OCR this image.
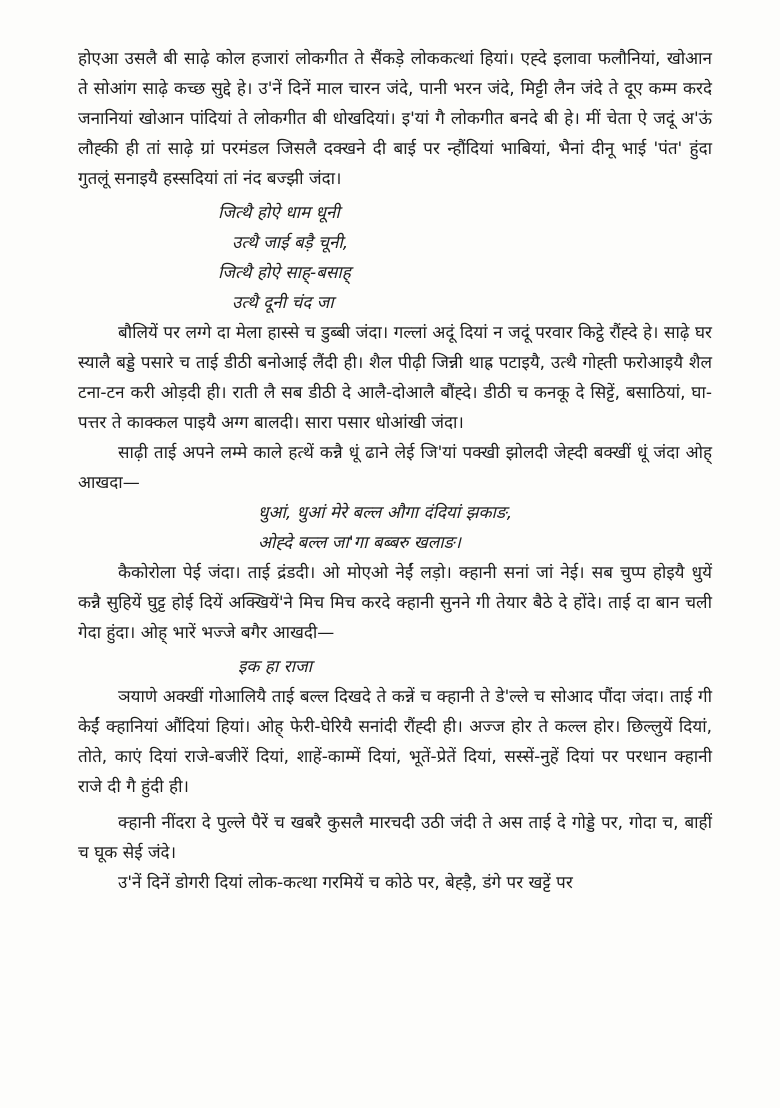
होएआ उसलै बी साढ़े कोल हजारां लोकगीत ते सैंकड़े लोककत्थां हियां। एह्दे इलावा फलौनियां, खोआन ते सोआंग साढ़े कच्छ सुद्दे हे। उ'नें दिनें माल चारन जंदे, पानी भरन जंदे, मिट्टी लैन जंदे ते दूए कम्म करदे जनानियां खोआन पांदियां ते लोकगीत बी धोखदियां। इ'यां गै लोकगीत बनदे बी हे। मीं चेता ऐ जदूं अ'ऊं लौह्की ही तां साढ़े ग्रां परमंडल जिसलै दक्खने दी बाई पर न्हौंदियां भाबियां, भैनां दीनू भाई 'पंत' हुंदा गुतलूं सनाइयै हस्सदियां तां नंद बज्झी जंदा।

जित्थै होऐ धाम धूनी

उत्थै जाई बड़ै चूनी,

जित्थै होऐ साह्-बसाह्

उत्थै दूनी चंद जा

बौलियें पर लग्गे दा मेला हास्से च डुब्बी जंदा। गल्लां अदूं दियां न जदूं परवार किट्ठे रौंह्दे हे। साढ़े घर स्यालै बड्डे पसारे च ताई डीठी बनोआई लैंदी ही। शैल पीढ़ी जिन्नी थाह्र पटाइयै, उत्थै गोह्ती फरोआइयै शैल टना-टन करी ओड़दी ही। राती लै सब डीठी दे आलै-दोआलै बौंह्दे। डीठी च कनकू दे सिट्टें, बसाठियां, घा-पत्तर ते काक्कल पाइयै अग्ग बालदी। सारा पसार धोआंखी जंदा।

साढ़ी ताई अपने लम्मे काले हत्थें कन्नै धूं ढाने लेई जि'यां पक्खी झोलदी जेह्दी बक्खीं धूं जंदा ओह् आखदा—

धुआं, धुआं मेरे बल्ल औगा दंदियां झकाङ,

ओह्दे बल्ल जा'गा बब्बरु खलाङ।

कैकोरोला पेई जंदा। ताई द्रंडदी। ओ मोएओ नेईं लड़ो। क्हानी सनां जां नेई। सब चुप्प होइयै धुयें कन्नै सुहियें घुट्ट होई दियें अक्खियें'ने मिच मिच करदे क्हानी सुनने गी तेयार बैठे दे होंदे। ताई दा बान चली गेदा हुंदा। ओह् भारें भज्जे बगैर आखदी—

इक हा राजा

ञयाणे अक्खीं गोआलियै ताई बल्ल दिखदे ते कन्नें च क्हानी ते डे'ल्ले च सोआद पौंदा जंदा। ताई गी केईं क्हानियां औंदियां हियां। ओह् फेरी-घेरियै सनांदी रौंह्दी ही। अज्ज होर ते कल्ल होर। छिल्लुयें दियां, तोते, काएं दियां राजे-बजीरें दियां, शाहें-काम्में दियां, भूतें-प्रेतें दियां, सस्सें-नुहें दियां पर परधान क्हानी राजे दी गै हुंदी ही।

क्हानी नींदरा दे पुल्ले पैरें च खबरै कुसलै मारचदी उठी जंदी ते अस ताई दे गोड्डे पर, गोदा च, बाहीं च घूक सेई जंदे।

उ'नें दिनें डोगरी दियां लोक-कत्था गरमियें च कोठे पर, बेह्ड़ै, डंगे पर खट्टें पर
